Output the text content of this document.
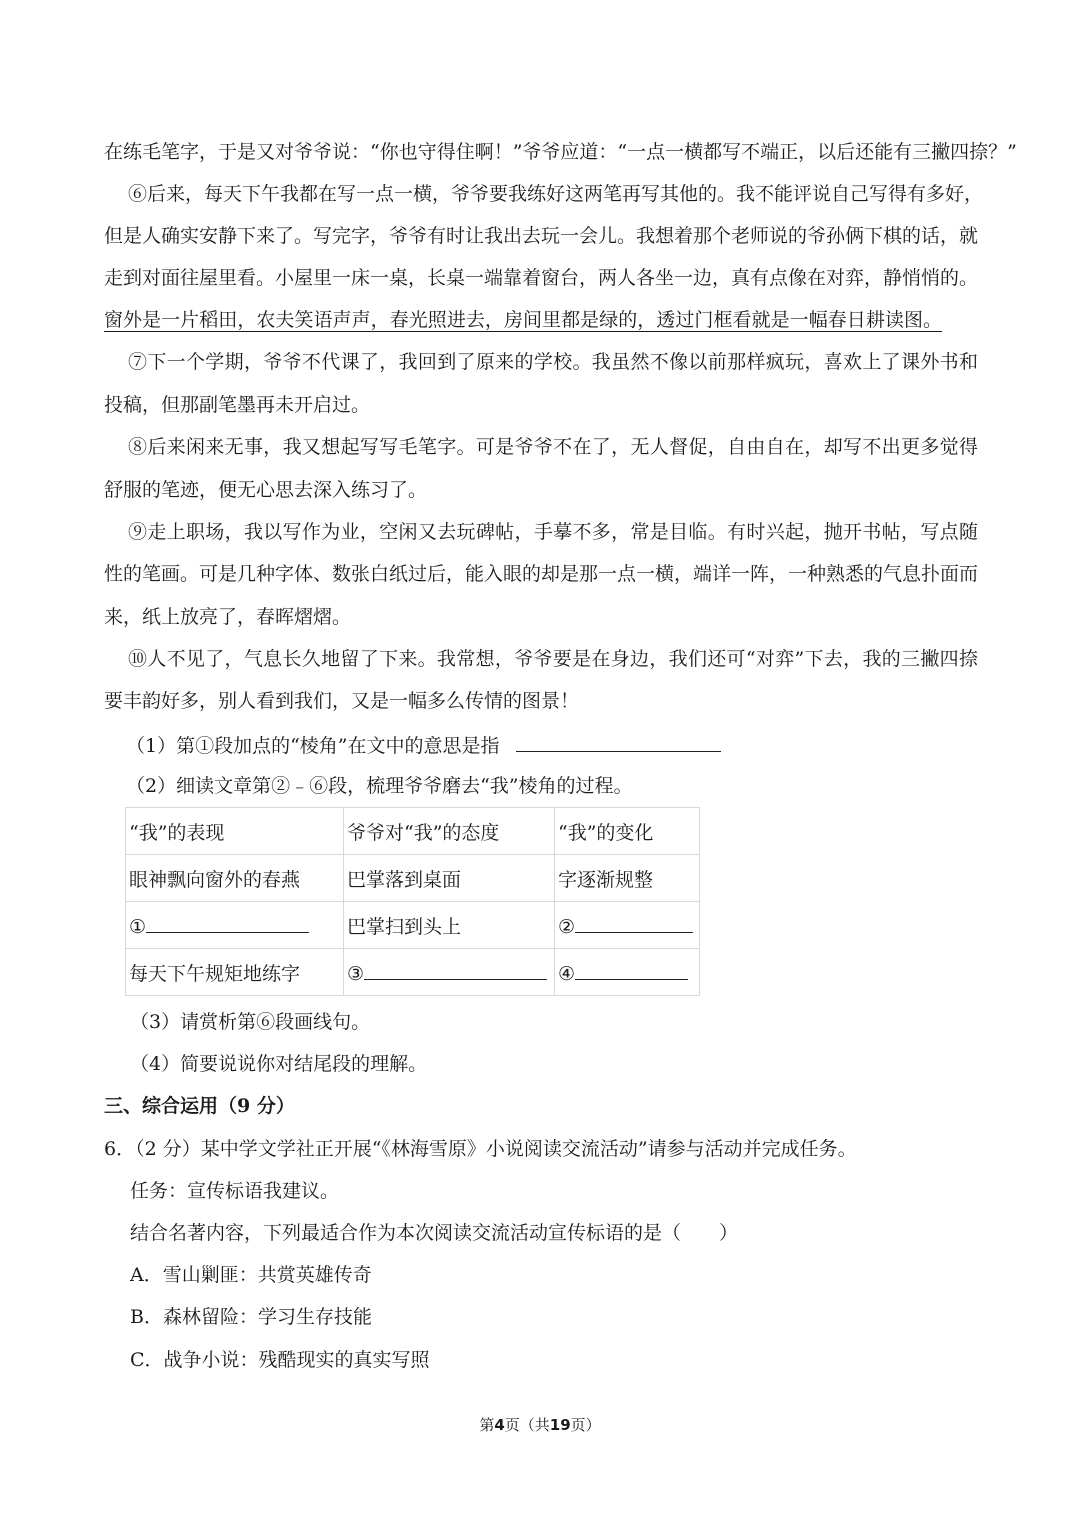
在练毛笔字，于是又对爷爷说：“你也守得住啊！”爷爷应道：“一点一横都写不端正，以后还能有三撇四捺？”
⑥后来，每天下午我都在写一点一横，爷爷要我练好这两笔再写其他的。我不能评说自己写得有多好，
但是人确实安静下来了。写完字，爷爷有时让我出去玩一会儿。我想着那个老师说的爷孙俩下棋的话，就
走到对面往屋里看。小屋里一床一桌，长桌一端靠着窗台，两人各坐一边，真有点像在对弈，静悄悄的。
窗外是一片稻田，农夫笑语声声，春光照进去，房间里都是绿的，透过门框看就是一幅春日耕读图。
⑦下一个学期，爷爷不代课了，我回到了原来的学校。我虽然不像以前那样疯玩，喜欢上了课外书和
投稿，但那副笔墨再未开启过。
⑧后来闲来无事，我又想起写写毛笔字。可是爷爷不在了，无人督促，自由自在，却写不出更多觉得
舒服的笔迹，便无心思去深入练习了。
⑨走上职场，我以写作为业，空闲又去玩碑帖，手摹不多，常是目临。有时兴起，抛开书帖，写点随
性的笔画。可是几种字体、数张白纸过后，能入眼的却是那一点一横，端详一阵，一种熟悉的气息扑面而
来，纸上放亮了，春晖熠熠。
⑩人不见了，气息长久地留了下来。我常想，爷爷要是在身边，我们还可“对弈”下去，我的三撇四捺
要丰韵好多，别人看到我们，又是一幅多么传情的图景！
（1）第①段加点的“棱角”在文中的意思是指
（2）细读文章第②﹣⑥段，梳理爷爷磨去“我”棱角的过程。
“我”的表现	爷爷对“我”的态度	“我”的变化
眼神飘向窗外的春燕	巴掌落到桌面	字逐渐规整
①	巴掌扫到头上	②
每天下午规矩地练字	③	④
（3）请赏析第⑥段画线句。
（4）简要说说你对结尾段的理解。
三、综合运用（9 分）
6．（2 分）某中学文学社正开展“《林海雪原》小说阅读交流活动”请参与活动并完成任务。
任务：宣传标语我建议。
结合名著内容，下列最适合作为本次阅读交流活动宣传标语的是（　　）
A．雪山剿匪：共赏英雄传奇
B．森林留险：学习生存技能
C．战争小说：残酷现实的真实写照
第4页（共19页）
